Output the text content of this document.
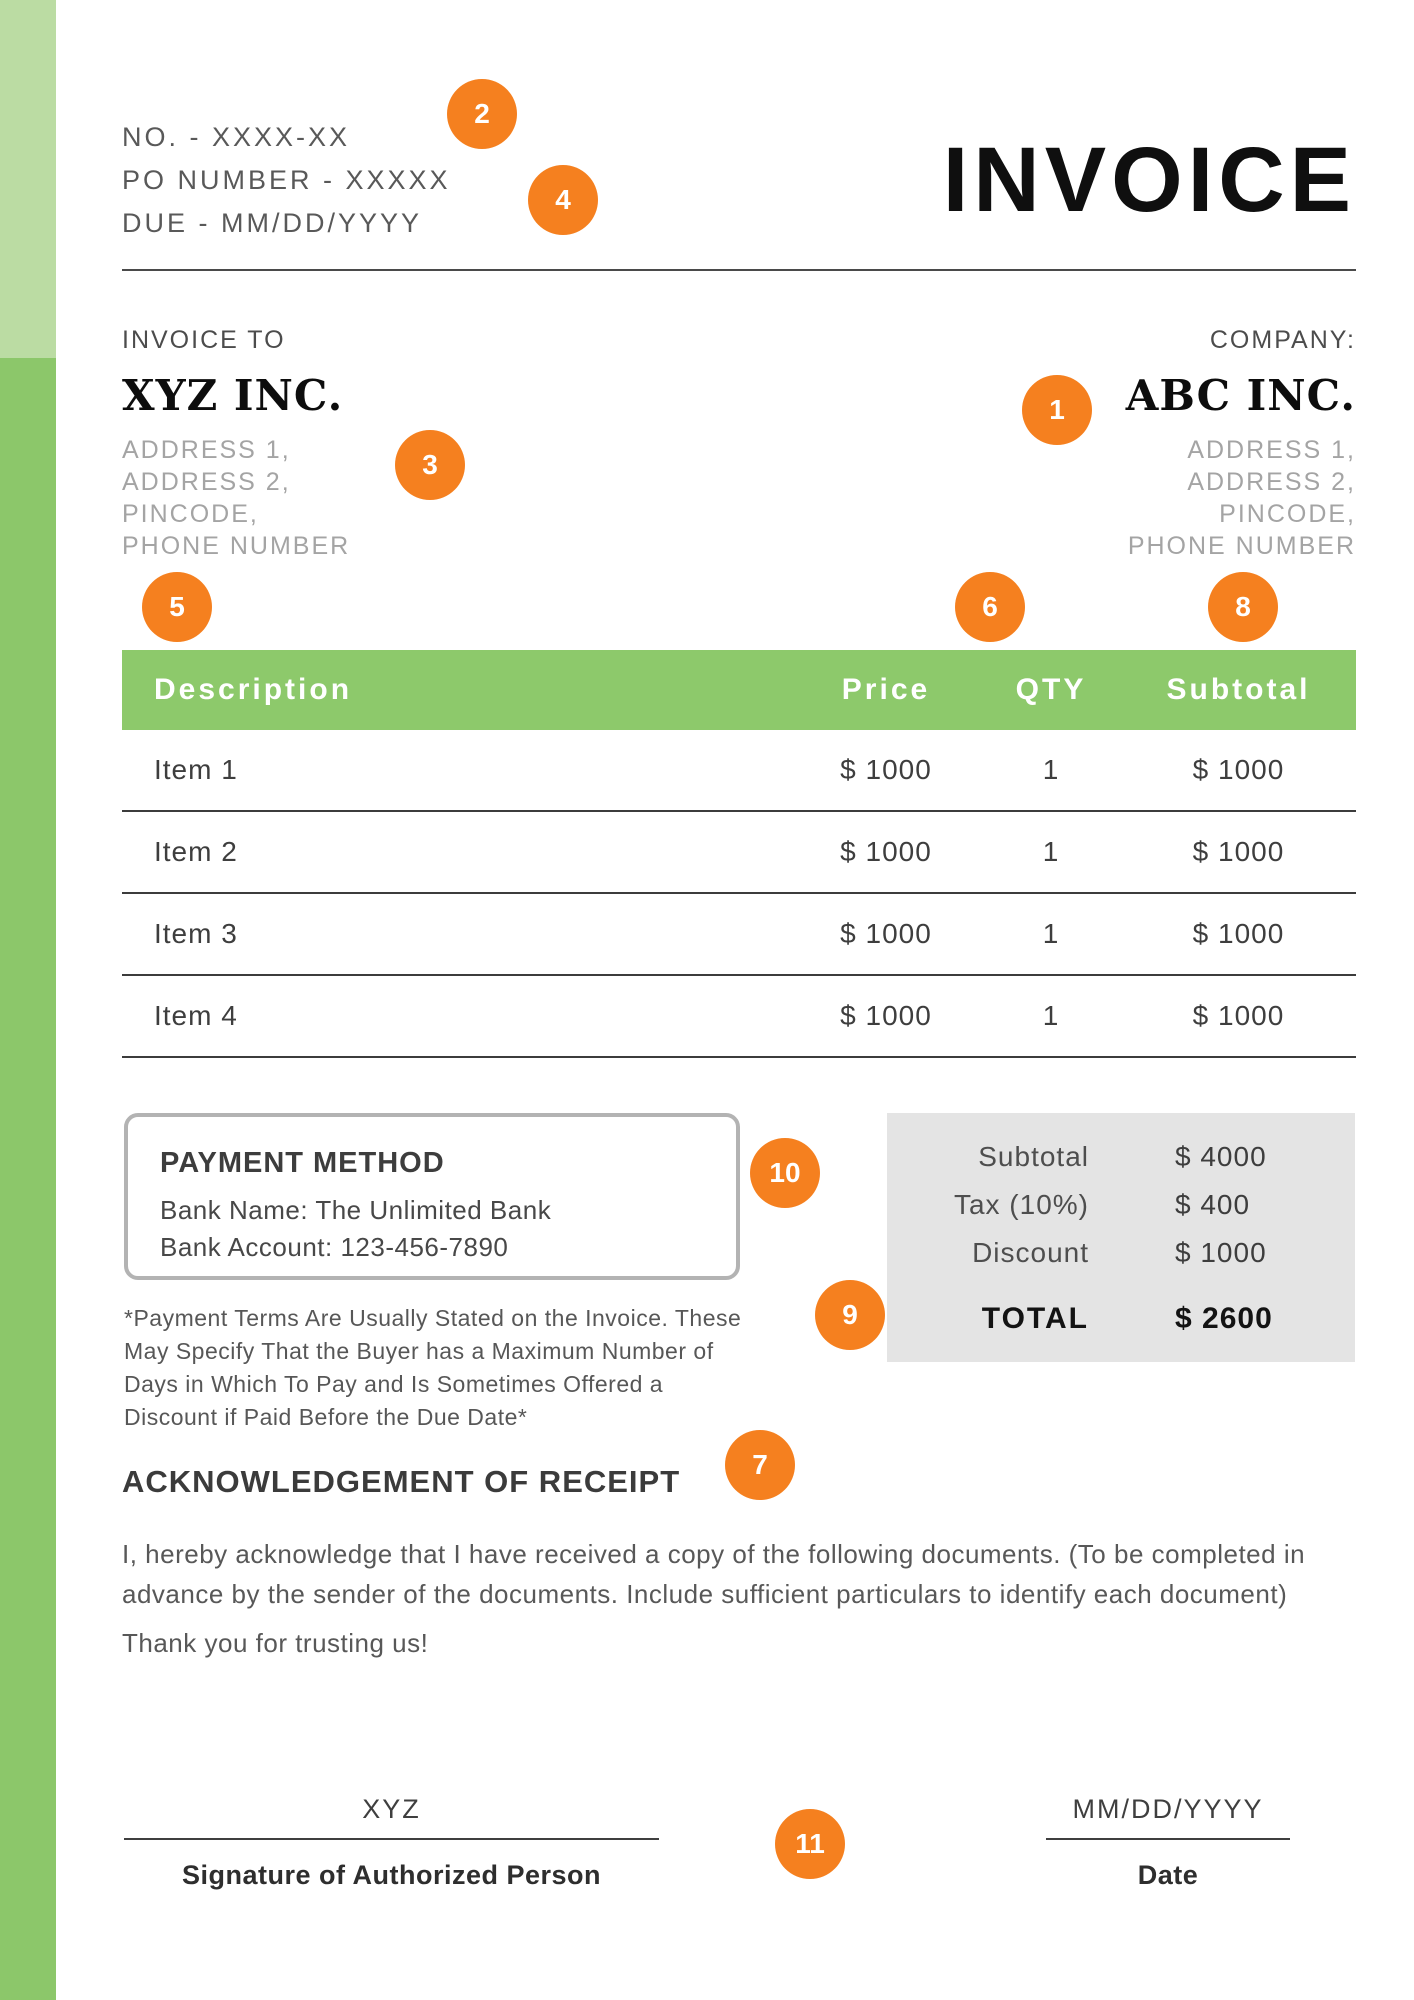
NO. - XXXX-XX
PO NUMBER - XXXXX
DUE - MM/DD/YYYY	INVOICE
INVOICE TO
XYZ INC.
ADDRESS 1,
ADDRESS 2,
PINCODE,
PHONE NUMBER
COMPANY:
ABC INC.
ADDRESS 1,
ADDRESS 2,
PINCODE,
PHONE NUMBER
Description	Price	QTY	Subtotal
Item 1	$ 1000	1	$ 1000
Item 2	$ 1000	1	$ 1000
Item 3	$ 1000	1	$ 1000
Item 4	$ 1000	1	$ 1000
PAYMENT METHOD
Bank Name: The Unlimited Bank
Bank Account: 123-456-7890
Subtotal	$ 4000
Tax (10%)	$ 400
Discount	$ 1000
TOTAL	$ 2600
*Payment Terms Are Usually Stated on the Invoice. These May Specify That the Buyer has a Maximum Number of Days in Which To Pay and Is Sometimes Offered a Discount if Paid Before the Due Date*
ACKNOWLEDGEMENT OF RECEIPT
I, hereby acknowledge that I have received a copy of the following documents. (To be completed in advance by the sender of the documents. Include sufficient particulars to identify each document)
Thank you for trusting us!
XYZ
Signature of Authorized Person
MM/DD/YYYY
Date
1
2
3
4
5	6
7
8
9
10
11
